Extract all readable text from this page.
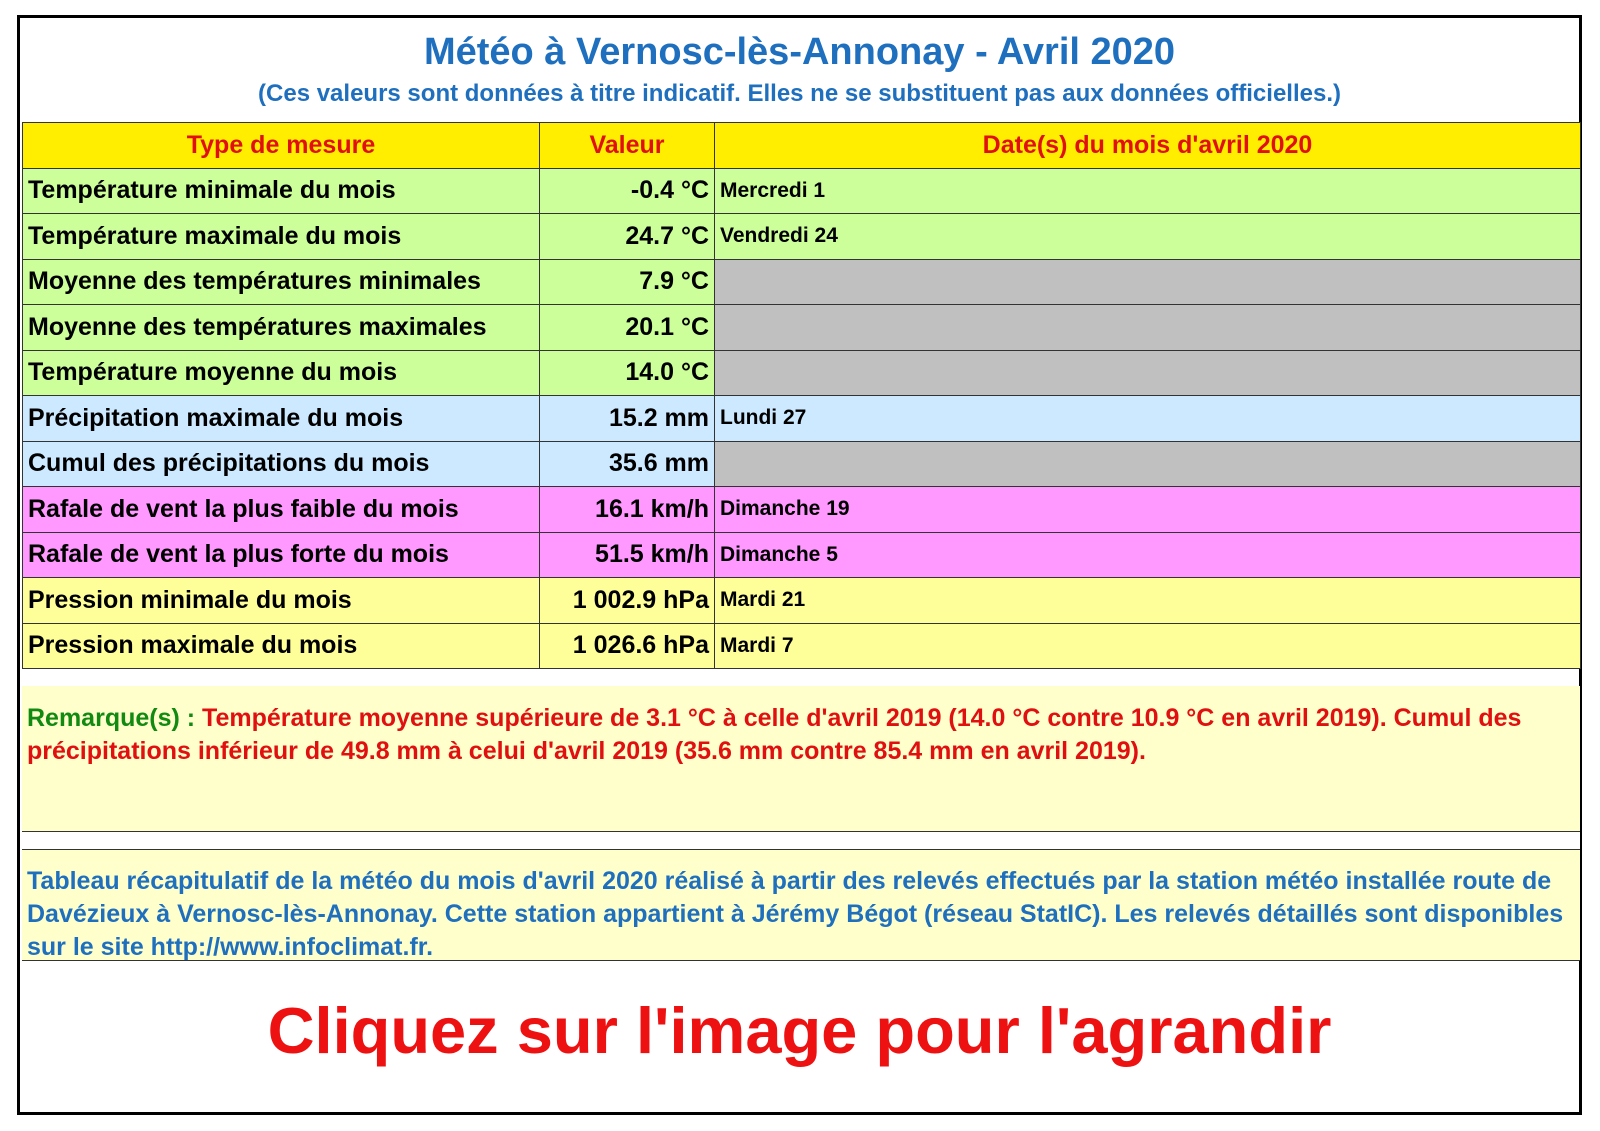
Météo à Vernosc-lès-Annonay - Avril 2020
(Ces valeurs sont données à titre indicatif. Elles ne se substituent pas aux données officielles.)
Type de mesure	Valeur	Date(s) du mois d'avril 2020
Température minimale du mois	-0.4 °C	Mercredi 1
Température maximale du mois	24.7 °C	Vendredi 24
Moyenne des températures minimales	7.9 °C	
Moyenne des températures maximales	20.1 °C	
Température moyenne du mois	14.0 °C	
Précipitation maximale du mois	15.2 mm	Lundi 27
Cumul des précipitations du mois	35.6 mm	
Rafale de vent la plus faible du mois	16.1 km/h	Dimanche 19
Rafale de vent la plus forte du mois	51.5 km/h	Dimanche 5
Pression minimale du mois	1 002.9 hPa	Mardi 21
Pression maximale du mois	1 026.6 hPa	Mardi 7
Remarque(s) : Température moyenne supérieure de 3.1 °C à celle d'avril 2019 (14.0 °C contre 10.9 °C en avril 2019). Cumul des précipitations inférieur de 49.8 mm à celui d'avril 2019 (35.6 mm contre 85.4 mm en avril 2019).
Tableau récapitulatif de la météo du mois d'avril 2020 réalisé à partir des relevés effectués par la station météo installée route de Davézieux à Vernosc-lès-Annonay. Cette station appartient à Jérémy Bégot (réseau StatIC). Les relevés détaillés sont disponibles sur le site http://www.infoclimat.fr.
Cliquez sur l'image pour l'agrandir
